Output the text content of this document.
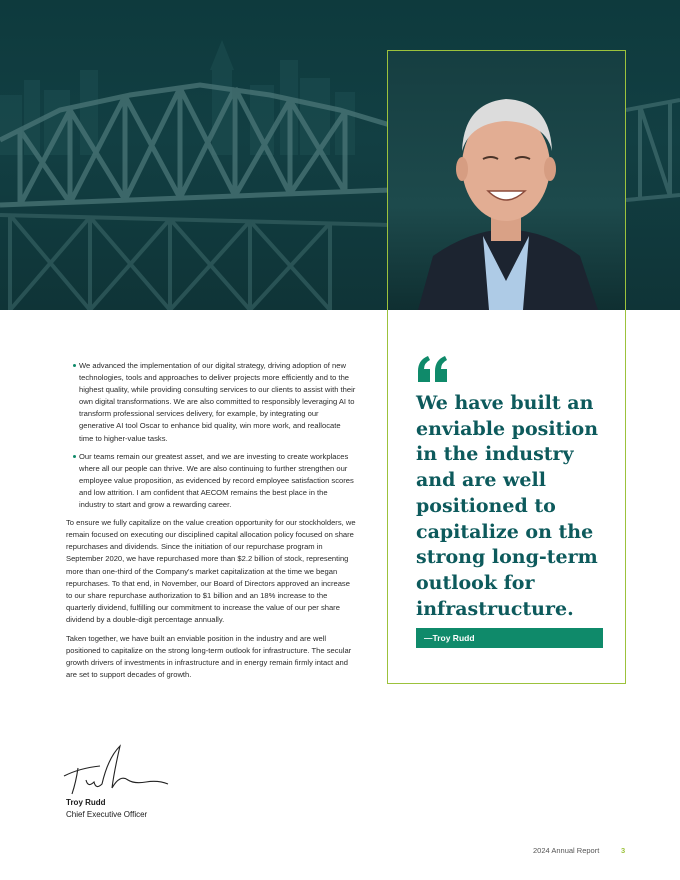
We have built an enviable position in the industry and are well positioned to capitalize on the strong long-term outlook for infrastructure.

—Troy Rudd
We advanced the implementation of our digital strategy, driving adoption of new technologies, tools and approaches to deliver projects more efficiently and to the highest quality, while providing consulting services to our clients to assist with their own digital transformations. We are also committed to responsibly leveraging AI to transform professional services delivery, for example, by integrating our generative AI tool Oscar to enhance bid quality, win more work, and reallocate time to higher-value tasks.
Our teams remain our greatest asset, and we are investing to create workplaces where all our people can thrive. We are also continuing to further strengthen our employee value proposition, as evidenced by record employee satisfaction scores and low attrition. I am confident that AECOM remains the best place in the industry to start and grow a rewarding career.

To ensure we fully capitalize on the value creation opportunity for our stockholders, we remain focused on executing our disciplined capital allocation policy focused on share repurchases and dividends. Since the initiation of our repurchase program in September 2020, we have repurchased more than $2.2 billion of stock, representing more than one-third of the Company's market capitalization at the time we began repurchases. To that end, in November, our Board of Directors approved an increase to our share repurchase authorization to $1 billion and an 18% increase to the quarterly dividend, fulfilling our commitment to increase the value of our per share dividend by a double-digit percentage annually.

Taken together, we have built an enviable position in the industry and are well positioned to capitalize on the strong long-term outlook for infrastructure. The secular growth drivers of investments in infrastructure and in energy remain firmly intact and are set to support decades of growth.

Troy Rudd
Chief Executive Officer
2024 Annual Report	3
